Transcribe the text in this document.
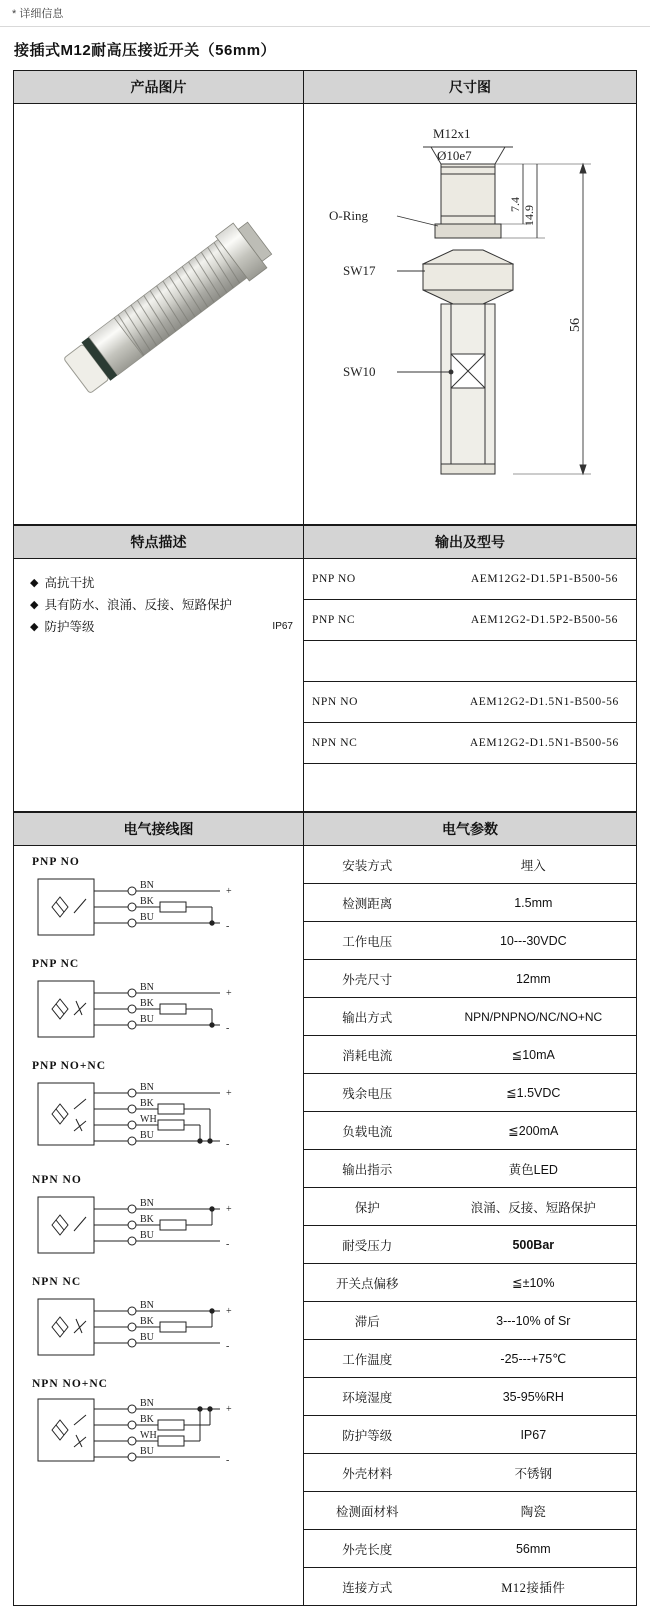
* 详细信息
接插式M12耐高压接近开关（56mm）
产品图片	尺寸图

M12x1
Ø10e7
O-Ring
SW17
SW10
7.4
14.9
56
特点描述	输出及型号

◆ 高抗干扰
◆ 具有防水、浪涌、反接、短路保护
◆ 防护等级	IP67

PNP NO	AEM12G2-D1.5P1-B500-56
PNP NC	AEM12G2-D1.5P2-B500-56

NPN NO	AEM12G2-D1.5N1-B500-56
NPN NC	AEM12G2-D1.5N1-B500-56

电气接线图	电气参数

PNP NO
BN
BK
BU
+
-
PNP NC
BN
BK
BU
+
-
PNP NO+NC
BN
BK
WH
BU
+
-
NPN NO
BN
BK
BU
+
-
NPN NC
BN
BK
BU
+
-
NPN NO+NC
BN
BK
WH
BU
+
-

安装方式	埋入
检测距离	1.5mm
工作电压	10---30VDC
外壳尺寸	12mm
输出方式	NPN/PNPNO/NC/NO+NC
消耗电流	≦10mA
残余电压	≦1.5VDC
负载电流	≦200mA
输出指示	黄色LED
保护	浪涌、反接、短路保护
耐受压力	500Bar
开关点偏移	≦±10%
滞后	3---10% of Sr
工作温度	-25---+75℃
环境湿度	35-95%RH
防护等级	IP67
外壳材料	不锈钢
检测面材料	陶瓷
外壳长度	56mm
连接方式	M12接插件
